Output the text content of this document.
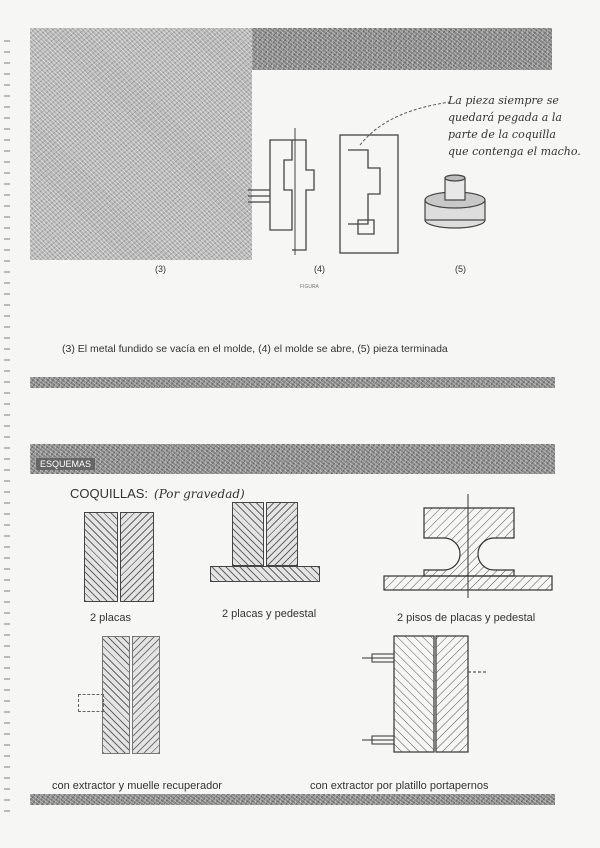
La pieza siempre se
quedará pegada a la
parte de la coquilla
que contenga el macho.
(3)	(4)	(5)
FIGURA
(3) El metal fundido se vacía en el molde, (4) el molde se abre, (5) pieza terminada
ESQUEMAS
COQUILLAS: (Por gravedad)
2 placas	2 placas y pedestal	2 pisos de placas y pedestal
con extractor y muelle recuperador	con extractor por platillo portapernos
